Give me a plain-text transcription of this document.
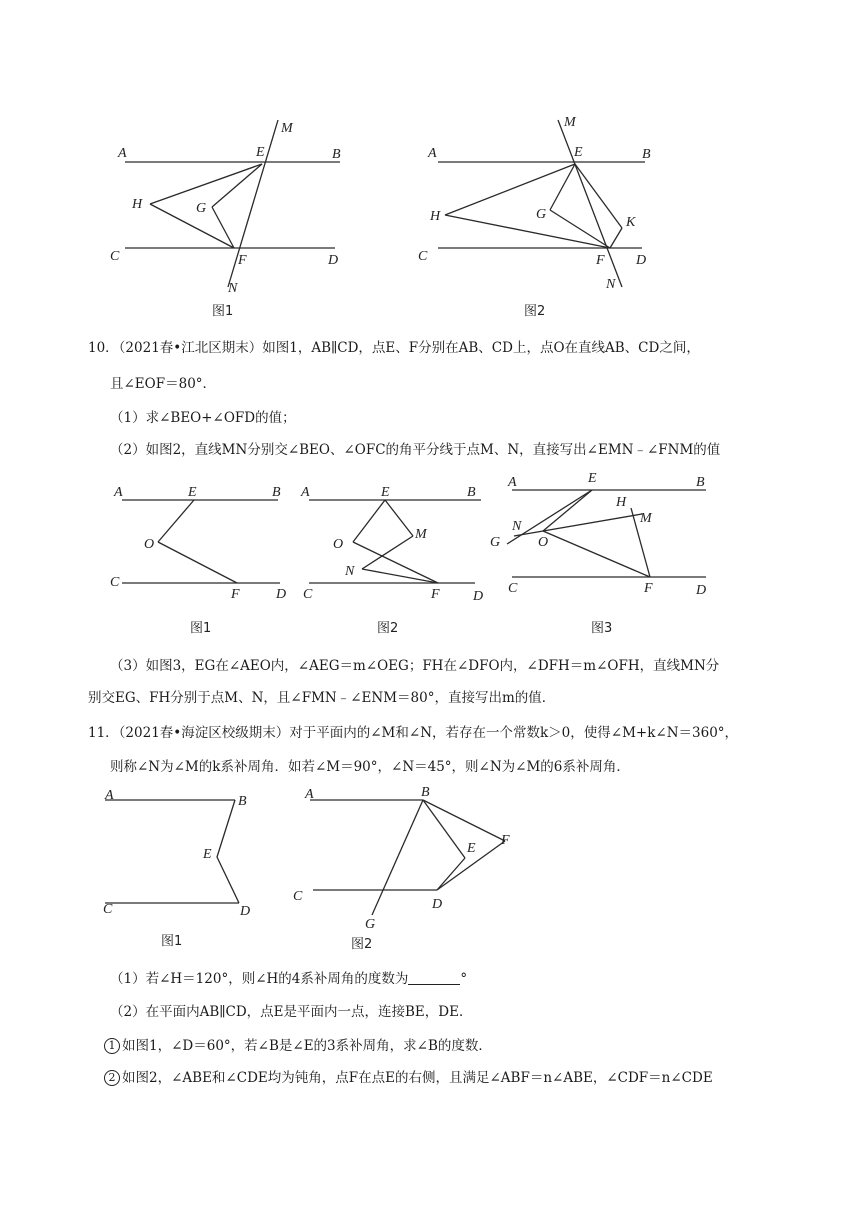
A	B
E
M
H	G
C	F	D
N
图1
A	B
E
M
H	G
K
C	F D
N
图2
10．（2021春•江北区期末）如图1，AB∥CD，点E、F分别在AB、CD上，点O在直线AB、CD之间，
且∠EOF＝80°．
（1）求∠BEO+∠OFD的值；
（2）如图2，直线MN分别交∠BEO、∠OFC的角平分线于点M、N，直接写出∠EMN﹣∠FNM的值
A	E	B
O
C
F	D
图1
A	E	B
O
M
N
C	F D
图2
A	E	B
H
M
N
O
G
C	F	D
图3
（3）如图3，EG在∠AEO内，∠AEG＝m∠OEG；FH在∠DFO内，∠DFH＝m∠OFH，直线MN分
别交EG、FH分别于点M、N，且∠FMN﹣∠ENM＝80°，直接写出m的值．
11．（2021春•海淀区校级期末）对于平面内的∠M和∠N，若存在一个常数k＞0，使得∠M+k∠N＝360°，
则称∠N为∠M的k系补周角．如若∠M＝90°，∠N＝45°，则∠N为∠M的6系补周角．
A	B
E
C	D
图1
A	B
E
F
C
D
G
图2
（1）若∠H＝120°，则∠H的4系补周角的度数为	°
（2）在平面内AB∥CD，点E是平面内一点，连接BE，DE．
1 如图1，∠D＝60°，若∠B是∠E的3系补周角，求∠B的度数．
2 如图2，∠ABE和∠CDE均为钝角，点F在点E的右侧，且满足∠ABF＝n∠ABE，∠CDF＝n∠CDE
